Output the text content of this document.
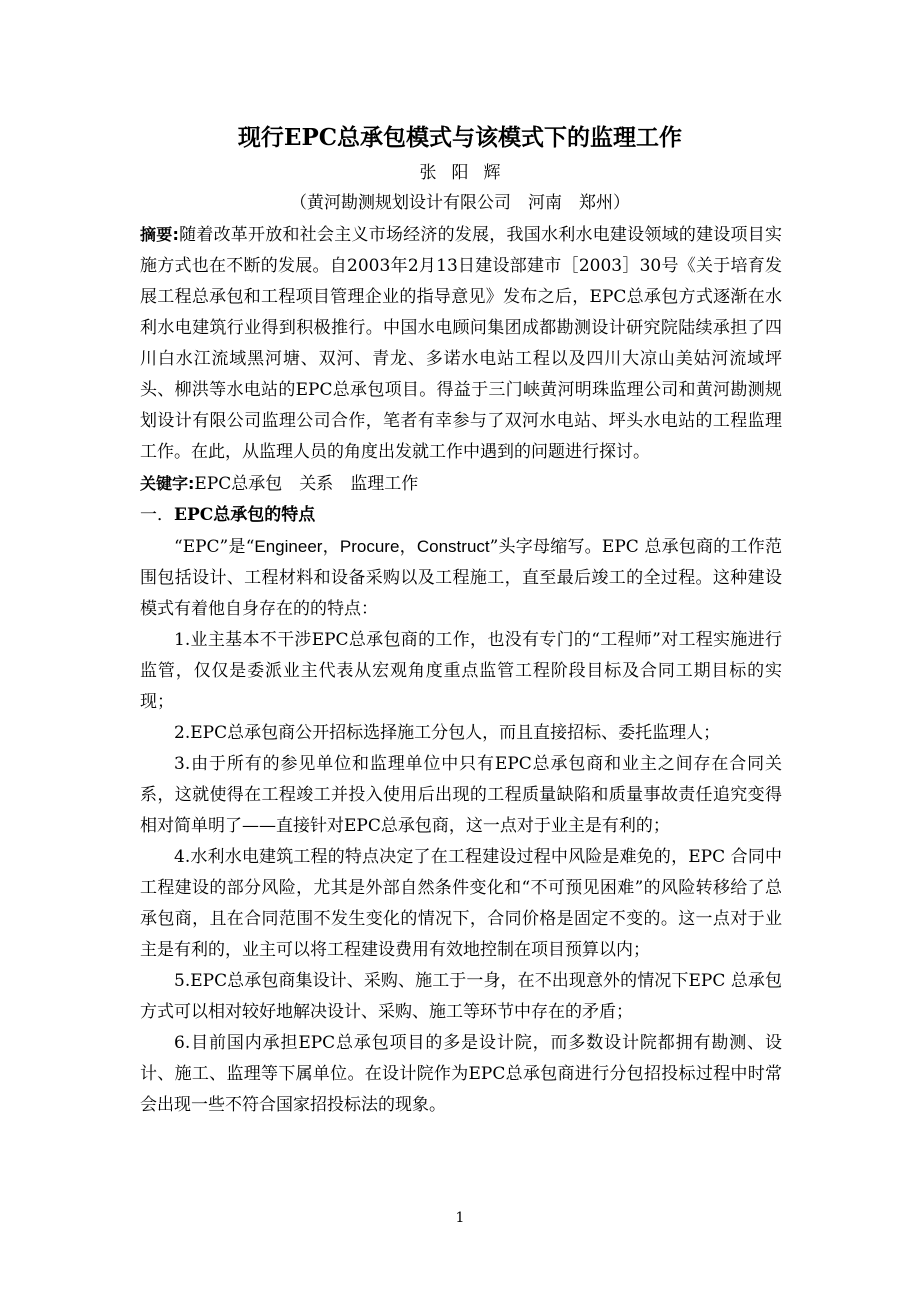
现行EPC总承包模式与该模式下的监理工作
张阳辉
（黄河勘测规划设计有限公司　河南　郑州）

摘要:随着改革开放和社会主义市场经济的发展，我国水利水电建设领域的建设项目实施方式也在不断的发展。自2003年2月13日建设部建市［2003］30号《关于培育发展工程总承包和工程项目管理企业的指导意见》发布之后，EPC总承包方式逐渐在水利水电建筑行业得到积极推行。中国水电顾问集团成都勘测设计研究院陆续承担了四川白水江流域黑河塘、双河、青龙、多诺水电站工程以及四川大凉山美姑河流域坪头、柳洪等水电站的EPC总承包项目。得益于三门峡黄河明珠监理公司和黄河勘测规划设计有限公司监理公司合作，笔者有幸参与了双河水电站、坪头水电站的工程监理工作。在此，从监理人员的角度出发就工作中遇到的问题进行探讨。

关键字:EPC总承包　关系　监理工作

一．EPC总承包的特点

“EPC”是“Engineer，Procure，Construct”头字母缩写。EPC 总承包商的工作范围包括设计、工程材料和设备采购以及工程施工，直至最后竣工的全过程。这种建设模式有着他自身存在的的特点：

1.业主基本不干涉EPC总承包商的工作，也没有专门的“工程师”对工程实施进行监管，仅仅是委派业主代表从宏观角度重点监管工程阶段目标及合同工期目标的实现；

2.EPC总承包商公开招标选择施工分包人，而且直接招标、委托监理人；

3.由于所有的参见单位和监理单位中只有EPC总承包商和业主之间存在合同关系，这就使得在工程竣工并投入使用后出现的工程质量缺陷和质量事故责任追究变得相对简单明了——直接针对EPC总承包商，这一点对于业主是有利的；

4.水利水电建筑工程的特点决定了在工程建设过程中风险是难免的，EPC 合同中工程建设的部分风险，尤其是外部自然条件变化和“不可预见困难”的风险转移给了总承包商，且在合同范围不发生变化的情况下，合同价格是固定不变的。这一点对于业主是有利的，业主可以将工程建设费用有效地控制在项目预算以内；

5.EPC总承包商集设计、采购、施工于一身，在不出现意外的情况下EPC 总承包方式可以相对较好地解决设计、采购、施工等环节中存在的矛盾；

6.目前国内承担EPC总承包项目的多是设计院，而多数设计院都拥有勘测、设计、施工、监理等下属单位。在设计院作为EPC总承包商进行分包招投标过程中时常会出现一些不符合国家招投标法的现象。

1
